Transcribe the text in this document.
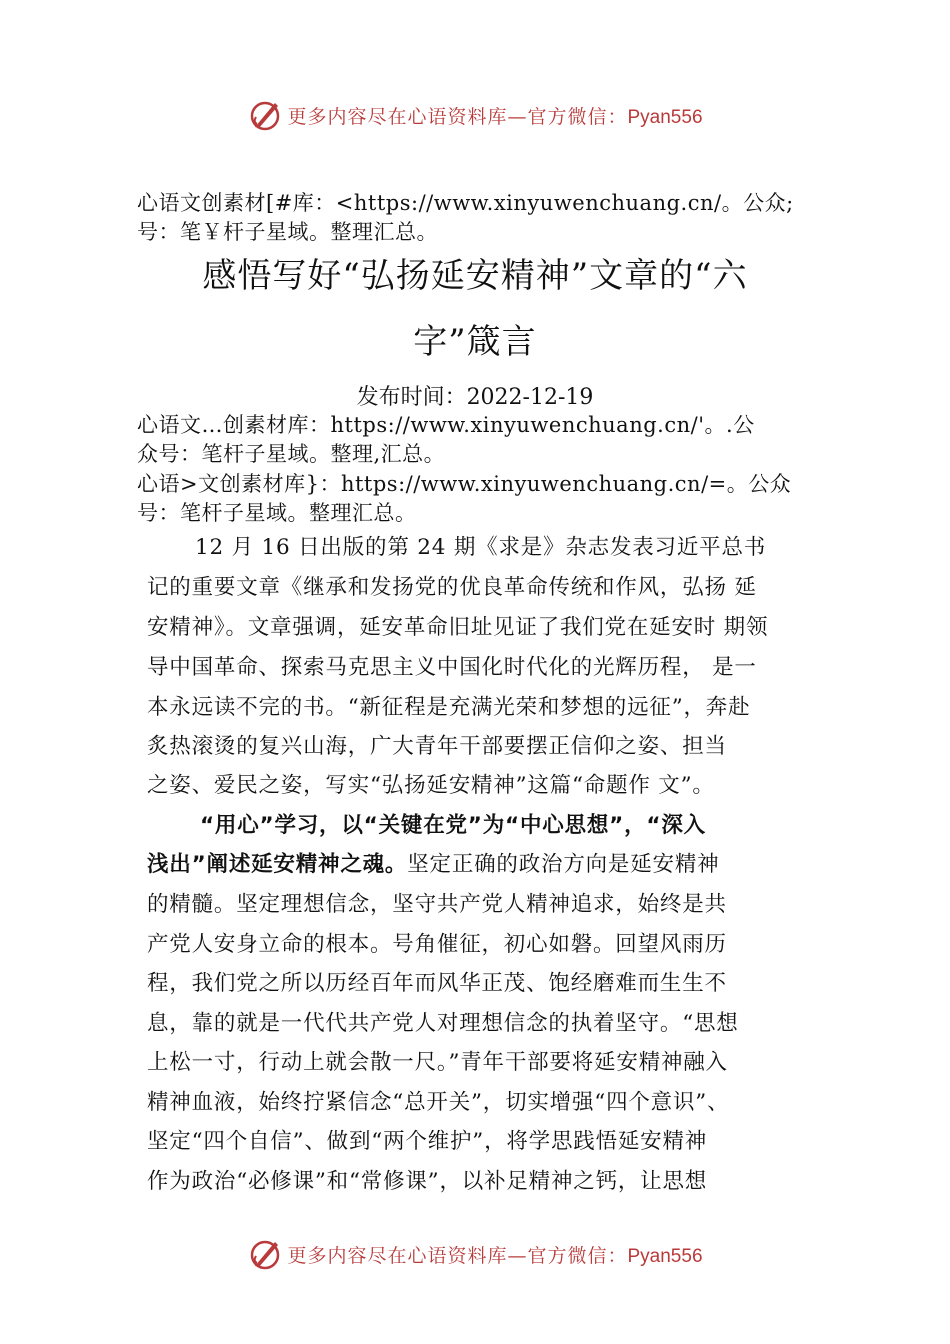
更多内容尽在心语资料库—官方微信：Pyan556
心语文创素材[#库：<https://www.xinyuwenchuang.cn/。公众;
号：笔￥杆子星域。整理汇总。
感悟写好“弘扬延安精神”文章的“六
字”箴言
发布时间：2022-12-19
心语文…创素材库：https://www.xinyuwenchuang.cn/'。.公
众号：笔杆子星域。整理,汇总。
心语>文创素材库}：https://www.xinyuwenchuang.cn/=。公众
号：笔杆子星域。整理汇总。
12 月 16 日出版的第 24 期《求是》杂志发表习近平总书
记的重要文章《继承和发扬党的优良革命传统和作风，弘扬 延
安精神》。文章强调，延安革命旧址见证了我们党在延安时 期领
导中国革命、探索马克思主义中国化时代化的光辉历程， 是一
本永远读不完的书。“新征程是充满光荣和梦想的远征”，奔赴
炙热滚烫的复兴山海，广大青年干部要摆正信仰之姿、担当
之姿、爱民之姿，写实“弘扬延安精神”这篇“命题作 文”。
“用心”学习，以“关键在党”为“中心思想”，“深入
浅出”阐述延安精神之魂。坚定正确的政治方向是延安精神
的精髓。坚定理想信念，坚守共产党人精神追求，始终是共
产党人安身立命的根本。号角催征，初心如磐。回望风雨历
程，我们党之所以历经百年而风华正茂、饱经磨难而生生不
息，靠的就是一代代共产党人对理想信念的执着坚守。“思想
上松一寸，行动上就会散一尺。”青年干部要将延安精神融入
精神血液，始终拧紧信念“总开关”，切实增强“四个意识”、
坚定“四个自信”、做到“两个维护”，将学思践悟延安精神
作为政治“必修课”和“常修课”，以补足精神之钙，让思想
更多内容尽在心语资料库—官方微信：Pyan556
